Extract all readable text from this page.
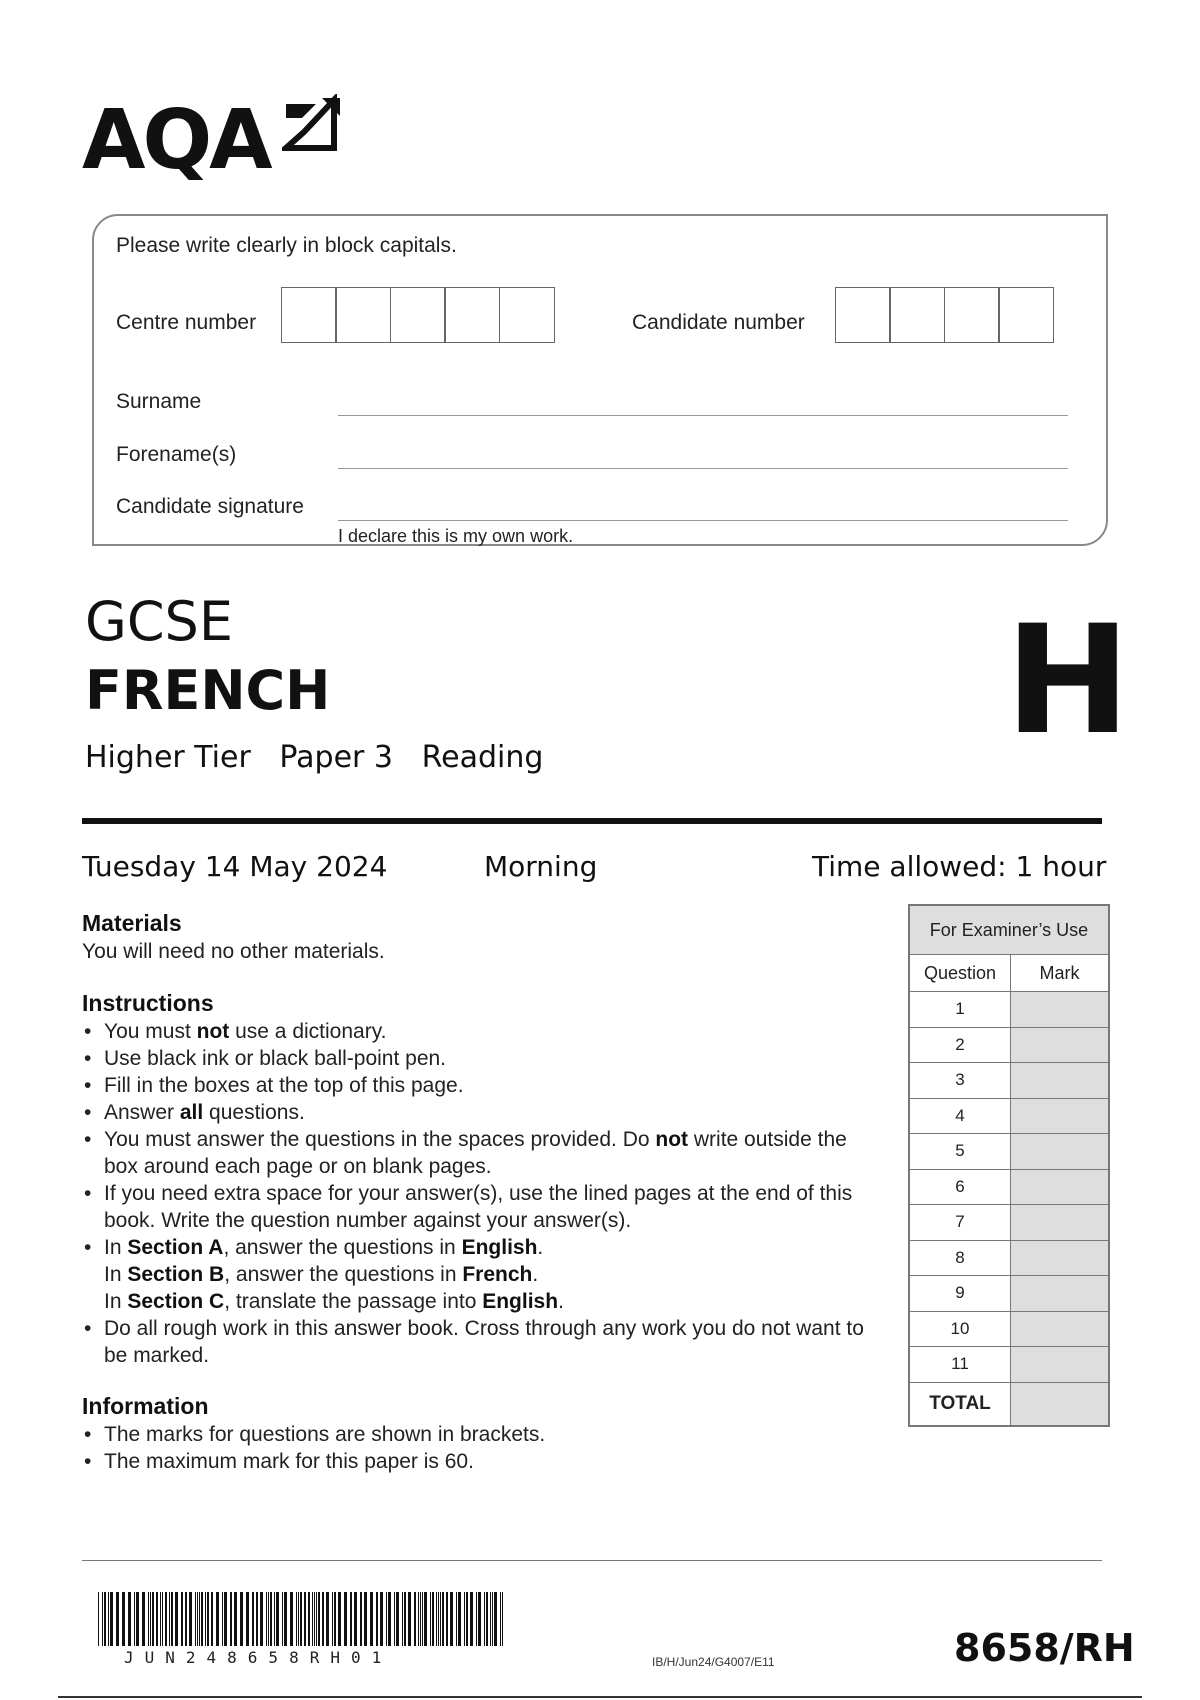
AQA
Please write clearly in block capitals.
Centre number	Candidate number
Surname
Forename(s)
Candidate signature
I declare this is my own work.
GCSE
FRENCH
Higher Tier Paper 3 Reading	H
Tuesday 14 May 2024	Morning	Time allowed: 1 hour
Materials
You will need no other materials.
Instructions
• You must not use a dictionary.
• Use black ink or black ball-point pen.
• Fill in the boxes at the top of this page.
• Answer all questions.
• You must answer the questions in the spaces provided. Do not write outside the box around each page or on blank pages.
• If you need extra space for your answer(s), use the lined pages at the end of this book. Write the question number against your answer(s).
• In Section A, answer the questions in English.
In Section B, answer the questions in French.
In Section C, translate the passage into English.
• Do all rough work in this answer book. Cross through any work you do not want to be marked.
Information
• The marks for questions are shown in brackets.
• The maximum mark for this paper is 60.
For Examiner’s Use	
Question	Mark
1	
2	
3	
4	
5	
6	
7	
8	
9	
10	
11	
TOTAL	
JUN248658RH01	IB/H/Jun24/G4007/E11	8658/RH
